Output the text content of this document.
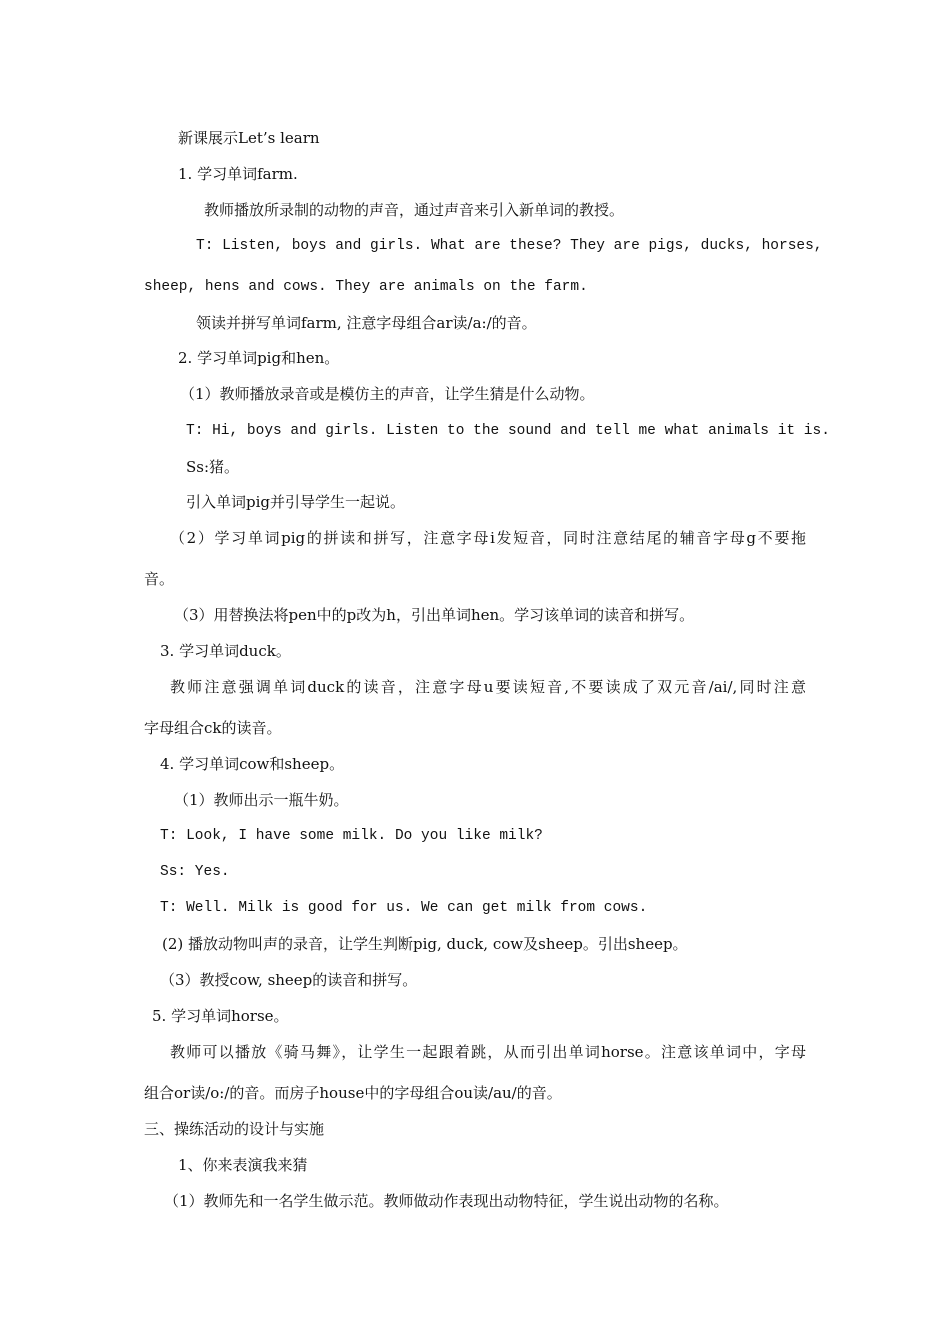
新课展示Let’s learn
1. 学习单词farm.
教师播放所录制的动物的声音，通过声音来引入新单词的教授。
T: Listen, boys and girls. What are these? They are pigs, ducks, horses,
sheep, hens and cows. They are animals on the farm.
领读并拼写单词farm, 注意字母组合ar读/a:/的音。
2. 学习单词pig和hen。
（1）教师播放录音或是模仿主的声音，让学生猜是什么动物。
T: Hi, boys and girls. Listen to the sound and tell me what animals it is.
Ss:猪。
引入单词pig并引导学生一起说。
（2）学习单词pig的拼读和拼写，注意字母i发短音，同时注意结尾的辅音字母g不要拖
音。
（3）用替换法将pen中的p改为h，引出单词hen。学习该单词的读音和拼写。
3. 学习单词duck。
教师注意强调单词duck的读音，注意字母u要读短音,不要读成了双元音/ai/,同时注意
字母组合ck的读音。
4. 学习单词cow和sheep。
（1）教师出示一瓶牛奶。
T: Look, I have some milk. Do you like milk?
Ss: Yes.
T: Well. Milk is good for us. We can get milk from cows.
(2) 播放动物叫声的录音，让学生判断pig, duck, cow及sheep。引出sheep。
（3）教授cow, sheep的读音和拼写。
5. 学习单词horse。
教师可以播放《骑马舞》，让学生一起跟着跳，从而引出单词horse。注意该单词中，字母
组合or读/o:/的音。而房子house中的字母组合ou读/au/的音。
三、操练活动的设计与实施
1、你来表演我来猜
（1）教师先和一名学生做示范。教师做动作表现出动物特征，学生说出动物的名称。
